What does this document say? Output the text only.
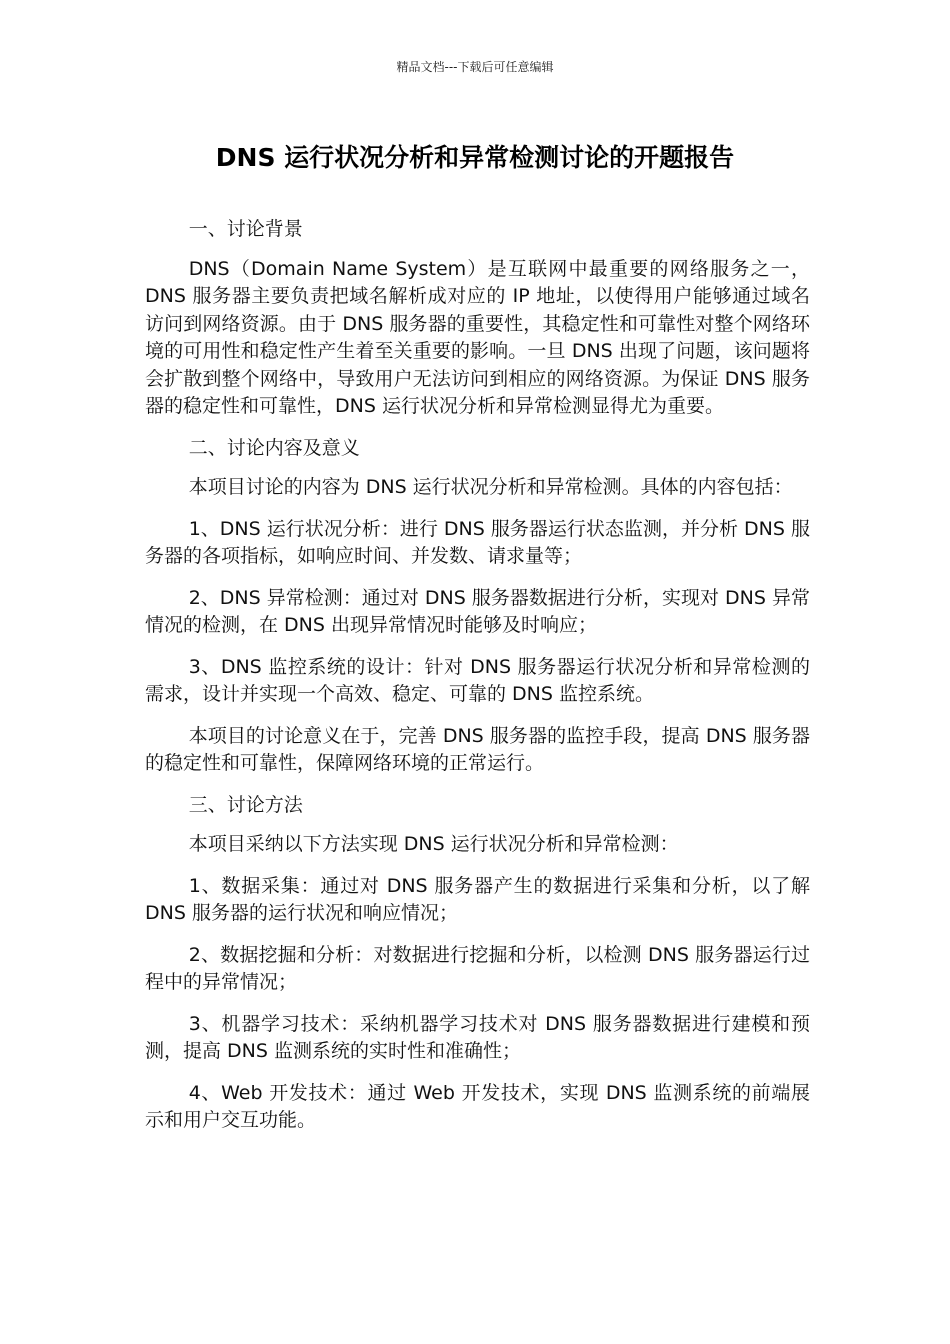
精品文档---下载后可任意编辑
DNS 运行状况分析和异常检测讨论的开题报告

一、讨论背景

DNS（Domain Name System）是互联网中最重要的网络服务之一，DNS 服务器主要负责把域名解析成对应的 IP 地址，以使得用户能够通过域名访问到网络资源。由于 DNS 服务器的重要性，其稳定性和可靠性对整个网络环境的可用性和稳定性产生着至关重要的影响。一旦 DNS 出现了问题，该问题将会扩散到整个网络中，导致用户无法访问到相应的网络资源。为保证 DNS 服务器的稳定性和可靠性，DNS 运行状况分析和异常检测显得尤为重要。

二、讨论内容及意义

本项目讨论的内容为 DNS 运行状况分析和异常检测。具体的内容包括：

1、DNS 运行状况分析：进行 DNS 服务器运行状态监测，并分析 DNS 服务器的各项指标，如响应时间、并发数、请求量等；

2、DNS 异常检测：通过对 DNS 服务器数据进行分析，实现对 DNS 异常情况的检测，在 DNS 出现异常情况时能够及时响应；

3、DNS 监控系统的设计：针对 DNS 服务器运行状况分析和异常检测的需求，设计并实现一个高效、稳定、可靠的 DNS 监控系统。

本项目的讨论意义在于，完善 DNS 服务器的监控手段，提高 DNS 服务器的稳定性和可靠性，保障网络环境的正常运行。

三、讨论方法

本项目采纳以下方法实现 DNS 运行状况分析和异常检测：

1、数据采集：通过对 DNS 服务器产生的数据进行采集和分析，以了解 DNS 服务器的运行状况和响应情况；

2、数据挖掘和分析：对数据进行挖掘和分析，以检测 DNS 服务器运行过程中的异常情况；

3、机器学习技术：采纳机器学习技术对 DNS 服务器数据进行建模和预测，提高 DNS 监测系统的实时性和准确性；

4、Web 开发技术：通过 Web 开发技术，实现 DNS 监测系统的前端展示和用户交互功能。
